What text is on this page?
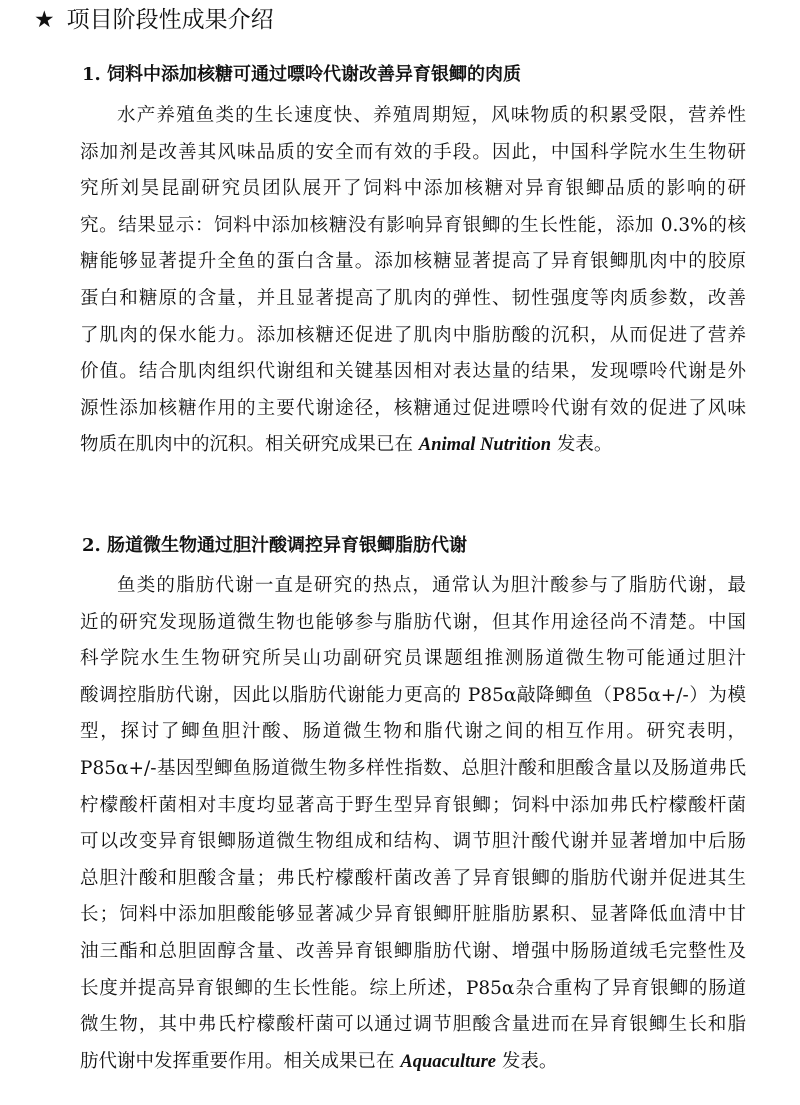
★ 项目阶段性成果介绍
1. 饲料中添加核糖可通过嘌呤代谢改善异育银鲫的肉质
水产养殖鱼类的生长速度快、养殖周期短，风味物质的积累受限，营养性
添加剂是改善其风味品质的安全而有效的手段。因此，中国科学院水生生物研
究所刘昊昆副研究员团队展开了饲料中添加核糖对异育银鲫品质的影响的研
究。结果显示：饲料中添加核糖没有影响异育银鲫的生长性能，添加 0.3%的核
糖能够显著提升全鱼的蛋白含量。添加核糖显著提高了异育银鲫肌肉中的胶原
蛋白和糖原的含量，并且显著提高了肌肉的弹性、韧性强度等肉质参数，改善
了肌肉的保水能力。添加核糖还促进了肌肉中脂肪酸的沉积，从而促进了营养
价值。结合肌肉组织代谢组和关键基因相对表达量的结果，发现嘌呤代谢是外
源性添加核糖作用的主要代谢途径，核糖通过促进嘌呤代谢有效的促进了风味
物质在肌肉中的沉积。相关研究成果已在 Animal Nutrition 发表。
2. 肠道微生物通过胆汁酸调控异育银鲫脂肪代谢
鱼类的脂肪代谢一直是研究的热点，通常认为胆汁酸参与了脂肪代谢，最
近的研究发现肠道微生物也能够参与脂肪代谢，但其作用途径尚不清楚。中国
科学院水生生物研究所吴山功副研究员课题组推测肠道微生物可能通过胆汁
酸调控脂肪代谢，因此以脂肪代谢能力更高的 P85α敲降鲫鱼（P85α+/-）为模
型，探讨了鲫鱼胆汁酸、肠道微生物和脂代谢之间的相互作用。研究表明，
P85α+/-基因型鲫鱼肠道微生物多样性指数、总胆汁酸和胆酸含量以及肠道弗氏
柠檬酸杆菌相对丰度均显著高于野生型异育银鲫；饲料中添加弗氏柠檬酸杆菌
可以改变异育银鲫肠道微生物组成和结构、调节胆汁酸代谢并显著增加中后肠
总胆汁酸和胆酸含量；弗氏柠檬酸杆菌改善了异育银鲫的脂肪代谢并促进其生
长；饲料中添加胆酸能够显著减少异育银鲫肝脏脂肪累积、显著降低血清中甘
油三酯和总胆固醇含量、改善异育银鲫脂肪代谢、增强中肠肠道绒毛完整性及
长度并提高异育银鲫的生长性能。综上所述，P85α杂合重构了异育银鲫的肠道
微生物，其中弗氏柠檬酸杆菌可以通过调节胆酸含量进而在异育银鲫生长和脂
肪代谢中发挥重要作用。相关成果已在 Aquaculture 发表。
